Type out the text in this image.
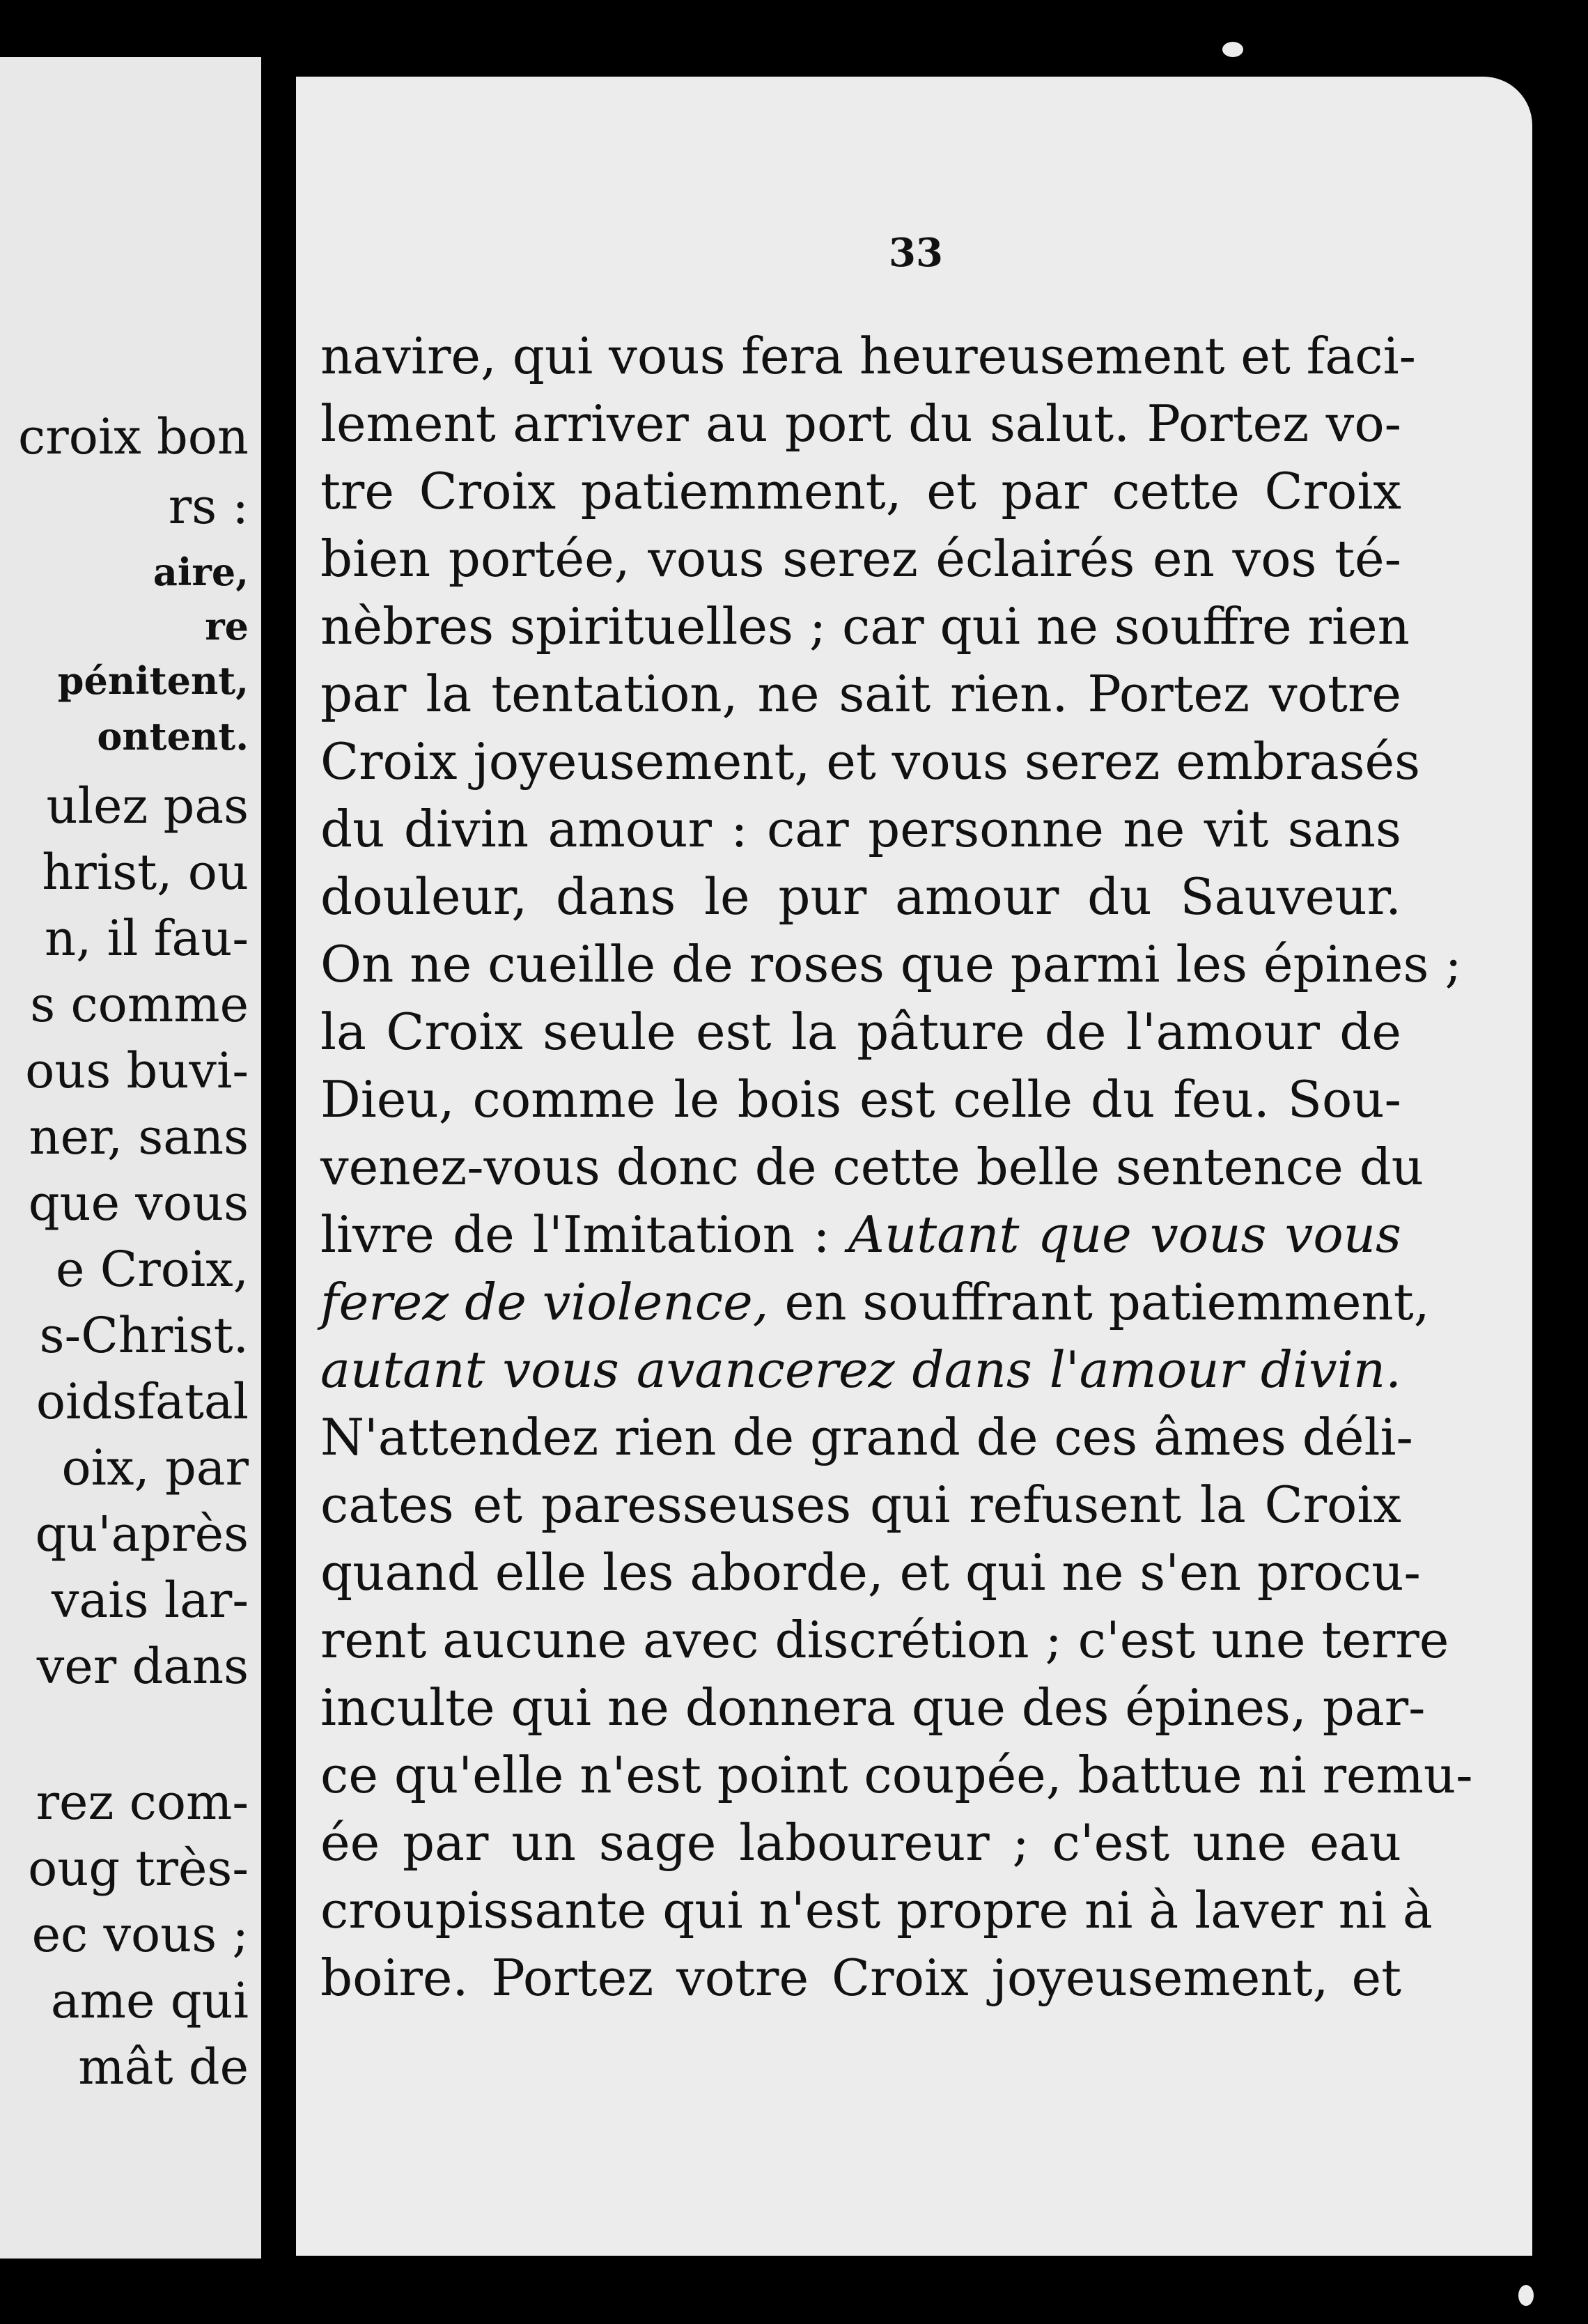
croix bon
rs :
aire,
re
pénitent,
ontent.
ulez pas
hrist, ou
n, il fau-
s comme
ous buvi-
ner, sans
que vous
e Croix,
s-Christ.
oidsfatal
oix, par
qu'après
vais lar-
ver dans
rez com-
oug très-
ec vous ;
ame qui
mât de
33
navire, qui vous fera heureusement et faci-
lement arriver au port du salut. Portez vo-
tre Croix patiemment, et par cette Croix
bien portée, vous serez éclairés en vos té-
nèbres spirituelles ; car qui ne souffre rien
par la tentation, ne sait rien. Portez votre
Croix joyeusement, et vous serez embrasés
du divin amour : car personne ne vit sans
douleur, dans le pur amour du Sauveur.
On ne cueille de roses que parmi les épines ;
la Croix seule est la pâture de l'amour de
Dieu, comme le bois est celle du feu. Sou-
venez-vous donc de cette belle sentence du
livre de l'Imitation : Autant que vous vous
ferez de violence, en souffrant patiemment,
autant vous avancerez dans l'amour divin.
N'attendez rien de grand de ces âmes déli-
cates et paresseuses qui refusent la Croix
quand elle les aborde, et qui ne s'en procu-
rent aucune avec discrétion ; c'est une terre
inculte qui ne donnera que des épines, par-
ce qu'elle n'est point coupée, battue ni remu-
ée par un sage laboureur ; c'est une eau
croupissante qui n'est propre ni à laver ni à
boire. Portez votre Croix joyeusement, et
